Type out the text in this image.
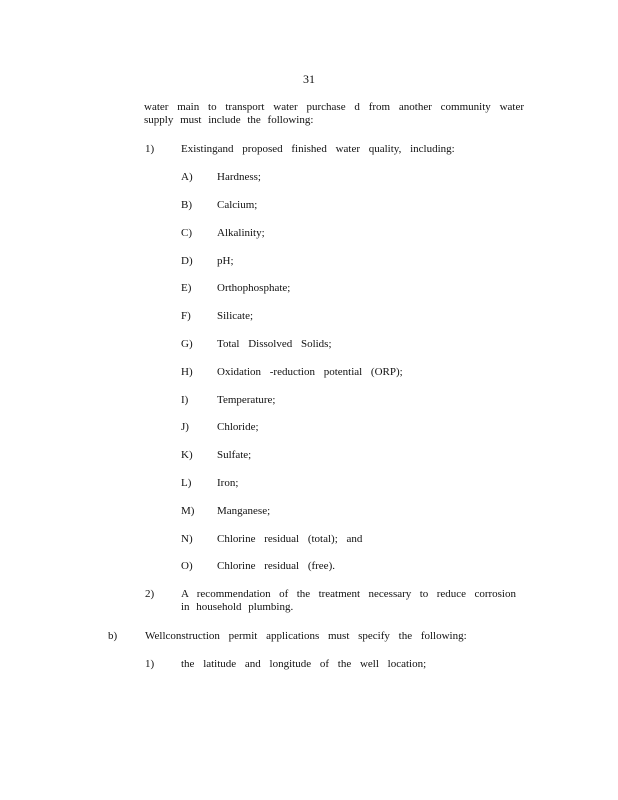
31
water main to transport water purchase d from another community water supply must include the following:
1) Existingand proposed finished water quality, including:
A) Hardness;
B) Calcium;
C) Alkalinity;
D) pH;
E) Orthophosphate;
F) Silicate;
G) Total Dissolved Solids;
H) Oxidation -reduction potential (ORP);
I)	Temperature;
J)	Chloride;
K) Sulfate;
L) Iron;
M) Manganese;
N) Chlorine residual (total); and
O) Chlorine residual (free).
2) A recommendation of the treatment necessary to reduce corrosion in household plumbing.
b)	Wellconstruction permit applications must specify the following:
1) the latitude and longitude of the well location;
